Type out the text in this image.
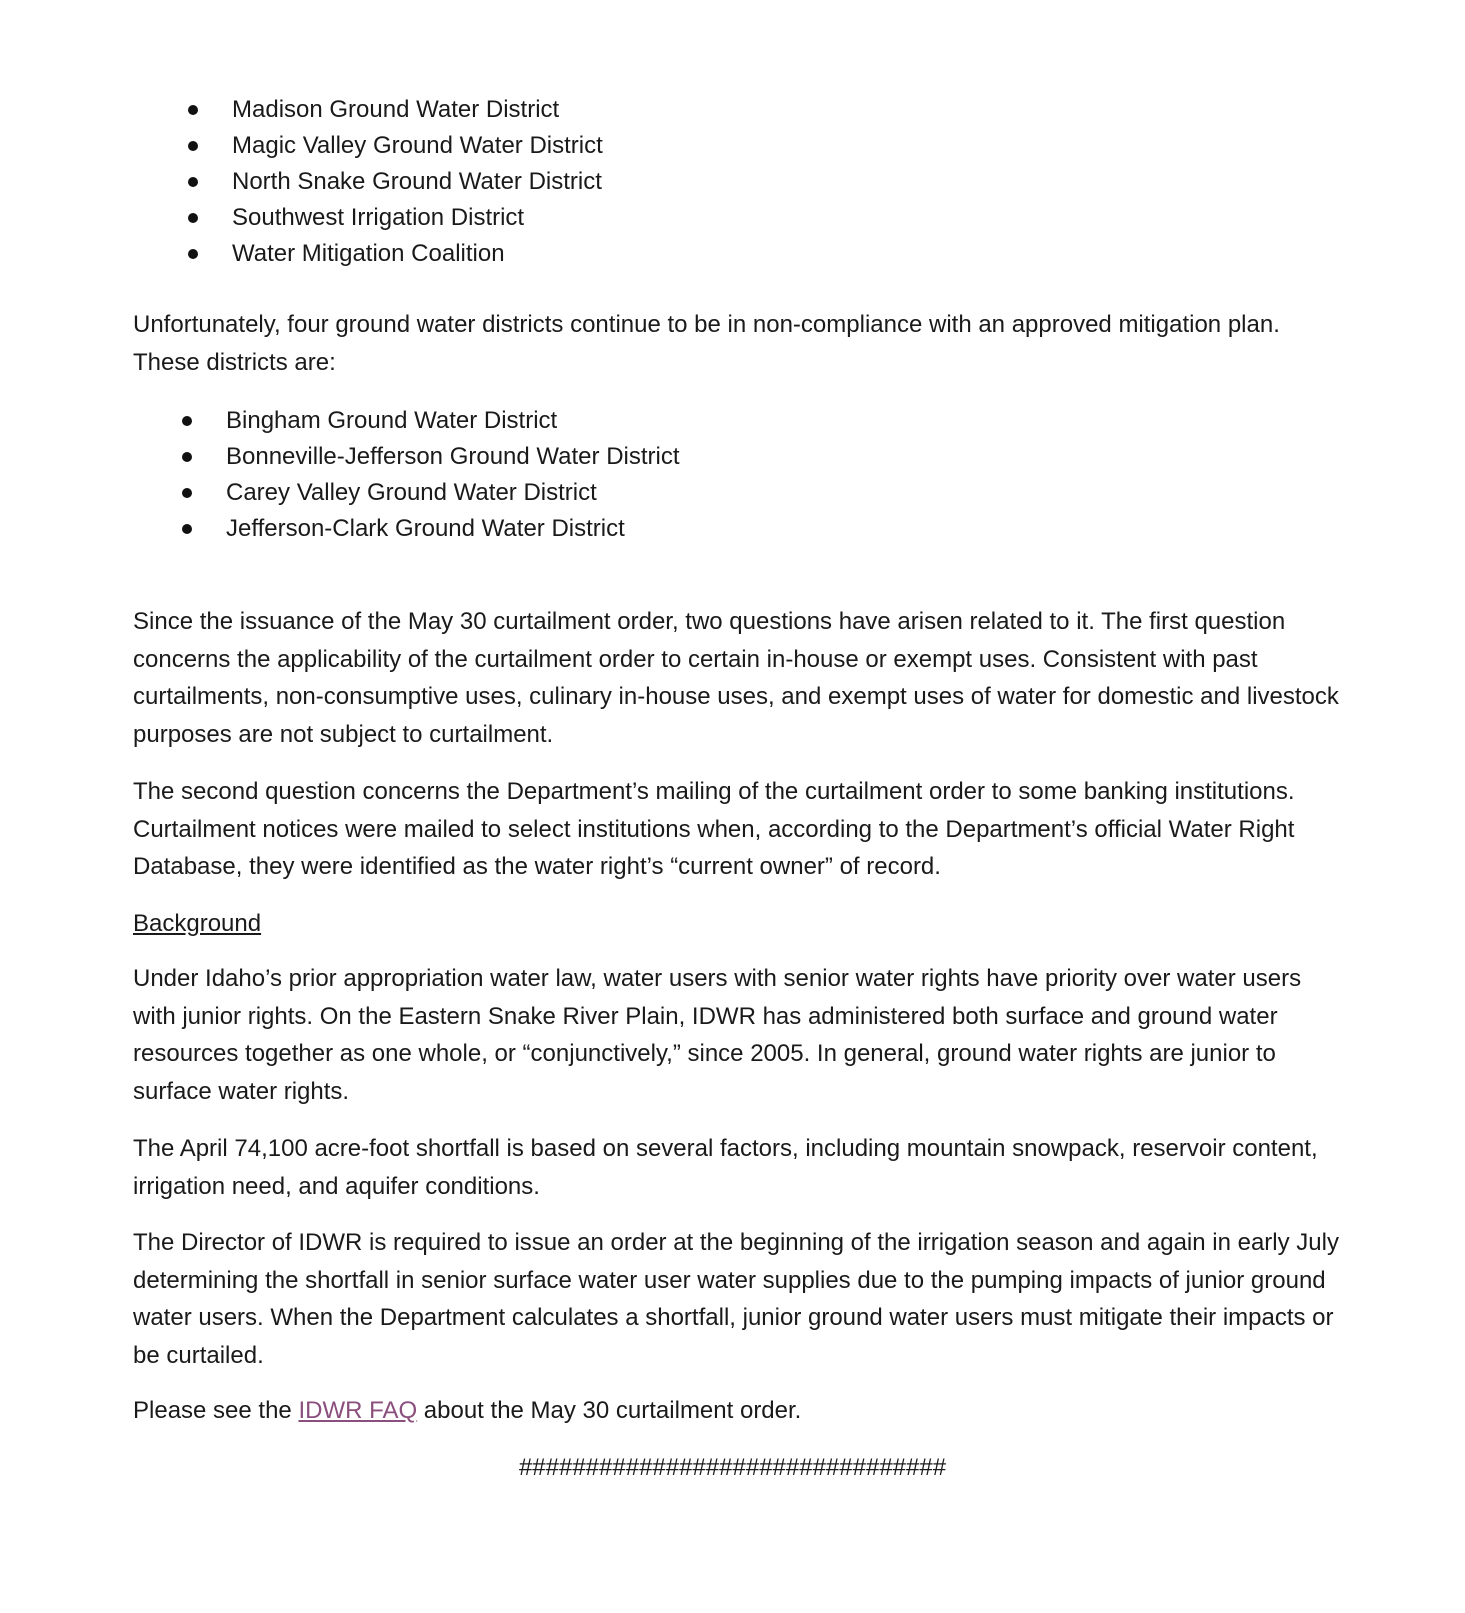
Madison Ground Water District
Magic Valley Ground Water District
North Snake Ground Water District
Southwest Irrigation District
Water Mitigation Coalition

Unfortunately, four ground water districts continue to be in non-compliance with an approved mitigation plan. These districts are:

Bingham Ground Water District
Bonneville-Jefferson Ground Water District
Carey Valley Ground Water District
Jefferson-Clark Ground Water District

Since the issuance of the May 30 curtailment order, two questions have arisen related to it. The first question concerns the applicability of the curtailment order to certain in-house or exempt uses. Consistent with past curtailments, non-consumptive uses, culinary in-house uses, and exempt uses of water for domestic and livestock purposes are not subject to curtailment.

The second question concerns the Department’s mailing of the curtailment order to some banking institutions. Curtailment notices were mailed to select institutions when, according to the Department’s official Water Right Database, they were identified as the water right’s “current owner” of record.

Background

Under Idaho’s prior appropriation water law, water users with senior water rights have priority over water users with junior rights. On the Eastern Snake River Plain, IDWR has administered both surface and ground water resources together as one whole, or “conjunctively,” since 2005. In general, ground water rights are junior to surface water rights.

The April 74,100 acre-foot shortfall is based on several factors, including mountain snowpack, reservoir content, irrigation need, and aquifer conditions.

The Director of IDWR is required to issue an order at the beginning of the irrigation season and again in early July determining the shortfall in senior surface water user water supplies due to the pumping impacts of junior ground water users. When the Department calculates a shortfall, junior ground water users must mitigate their impacts or be curtailed.

Please see the IDWR FAQ about the May 30 curtailment order.

################################
